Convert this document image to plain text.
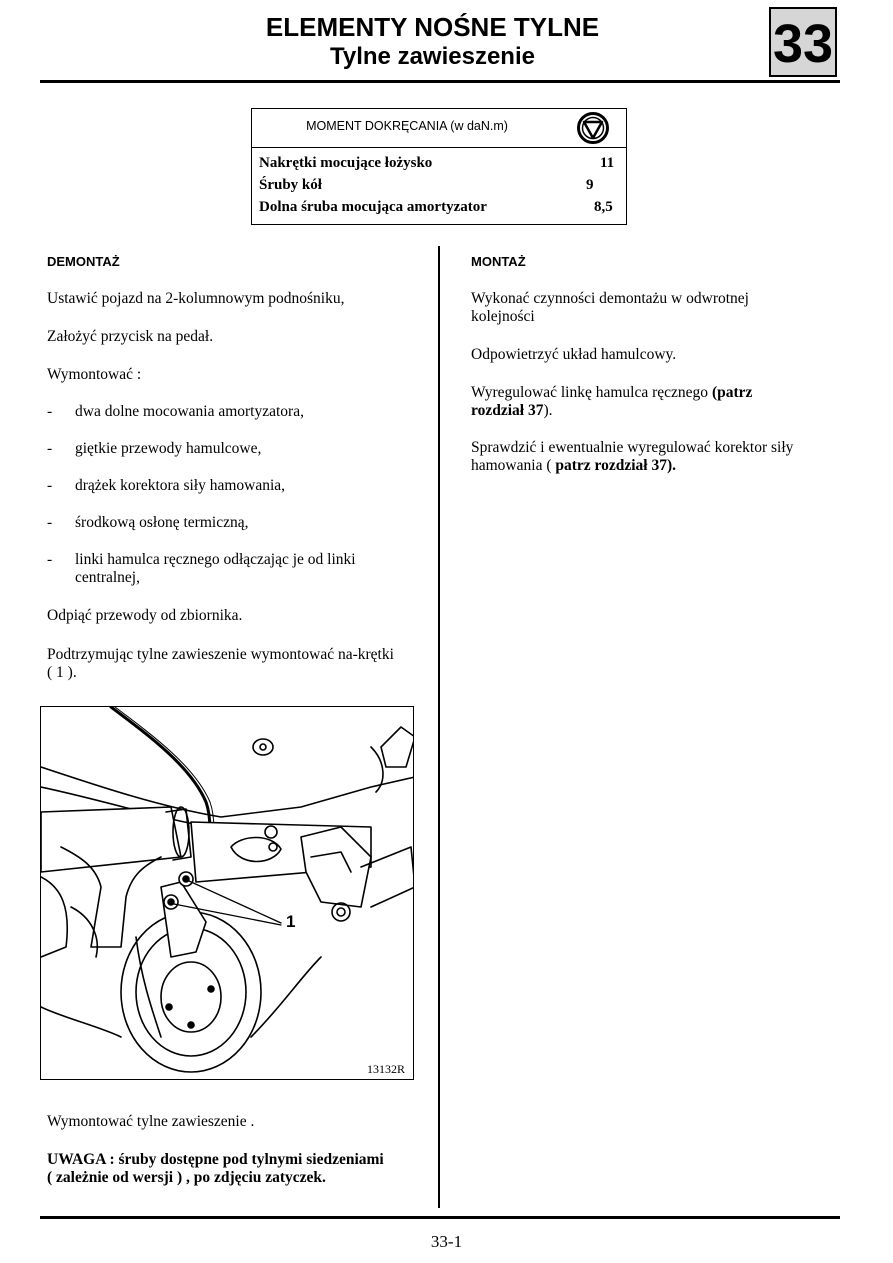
ELEMENTY NOŚNE TYLNE
Tylne zawieszenie	33
MOMENT DOKRĘCANIA (w daN.m)
Nakrętki mocujące łożysko	11
Śruby kół	9
Dolna śruba mocująca amortyzator	8,5
DEMONTAŻ
Ustawić pojazd na 2-kolumnowym podnośniku,
Założyć przycisk na pedał.
Wymontować :
- dwa dolne mocowania amortyzatora,
- giętkie przewody hamulcowe,
- drążek korektora siły hamowania,
- środkową osłonę termiczną,
- linki hamulca ręcznego odłączając je od linki centralnej,
Odpiąć przewody od zbiornika.
Podtrzymując tylne zawieszenie wymontować na-krętki ( 1 ).
13132R
1
Wymontować tylne zawieszenie .
UWAGA : śruby dostępne pod tylnymi siedzeniami ( zależnie od wersji ) , po zdjęciu zatyczek.
MONTAŻ
Wykonać czynności demontażu w odwrotnej kolejności
Odpowietrzyć układ hamulcowy.
Wyregulować linkę hamulca ręcznego (patrz rozdział 37).
Sprawdzić i ewentualnie wyregulować korektor siły hamowania ( patrz rozdział 37).
33-1
